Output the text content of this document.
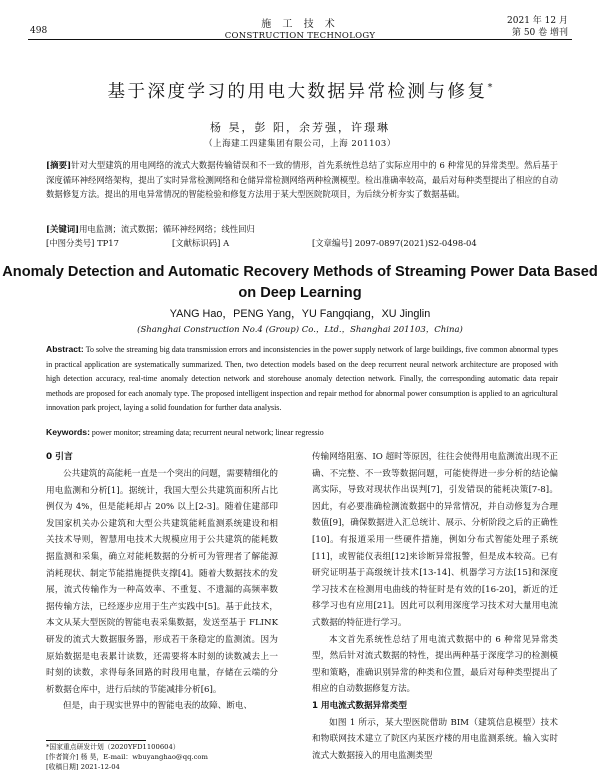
498
施 工 技 术
CONSTRUCTION TECHNOLOGY
2021 年 12 月
第 50 卷 增刊
基于深度学习的用电大数据异常检测与修复*
杨 昊，彭 阳，余芳强，许璟琳
（上海建工四建集团有限公司，上海 201103）
[摘要]针对大型建筑的用电网络的流式大数据传输错误和不一致的情形，首先系统性总结了实际应用中的 6 种常见的异常类型。然后基于深度循环神经网络架构，提出了实时异常检测网络和仓储异常检测网络两种检测模型。检出准确率较高，最后对每种类型提出了相应的自动数据修复方法。提出的用电异常情况的智能检验和修复方法用于某大型医院院项目，为后续分析夯实了数据基础。
[关键词]用电监测；流式数据；循环神经网络；线性回归
[中图分类号] TP17	[文献标识码] A	[文章编号] 2097-0897(2021)S2-0498-04
Anomaly Detection and Automatic Recovery Methods of Streaming Power Data Based on Deep Learning
YANG Hao，PENG Yang，YU Fangqiang，XU Jinglin
(Shanghai Construction No.4 (Group) Co.，Ltd.，Shanghai 201103，China)
Abstract: To solve the streaming big data transmission errors and inconsistencies in the power supply network of large buildings, five common abnormal types in practical application are systematically summarized. Then, two detection models based on the deep recurrent neural network architecture are proposed with high detection accuracy, real-time anomaly detection network and storehouse anomaly detection network. Finally, the corresponding automatic data repair methods are proposed for each anomaly type. The proposed intelligent inspection and repair method for abnormal power consumption is applied to an agricultural innovation park project, laying a solid foundation for further data analysis.
Keywords: power monitor; streaming data; recurrent neural network; linear regressio
0 引言

公共建筑的高能耗一直是一个突出的问题，需要精细化的用电监测和分析[1]。据统计，我国大型公共建筑面积所占比例仅为 4%，但是能耗却占 20% 以上[2-3]。随着住建部印发国家机关办公建筑和大型公共建筑能耗监测系统建设和相关技术导则，智慧用电技术大规模应用于公共建筑的能耗数据监测和采集，确立对能耗数据的分析可为管理者了解能源消耗现状、制定节能措施提供支撑[4]。随着大数据技术的发展，流式传输作为一种高效率、不重复、不遗漏的高频率数据传输方法，已经逐步应用于生产实践中[5]。基于此技术，本文从某大型医院的智能电表采集数据，发送至基于 FLINK 研发的流式大数据服务器，形成若干条稳定的监测流。因为原始数据是电表累计读数，还需要将本时刻的读数减去上一时刻的读数，求得每条回路的时段用电量，存储在云端的分析数据仓库中，进行后续的节能减排分析[6]。

但是，由于现实世界中的智能电表的故障、断电、

传输网络阻塞、IO 超时等原因，往往会使得用电监测流出现不正确、不完整、不一致等数据问题，可能使得进一步分析的结论偏离实际，导致对现状作出误判[7]，引发错误的能耗决策[7-8]。因此，有必要准确检测流数据中的异常情况，并自动修复为合理数值[9]，确保数据进入汇总统计、展示、分析阶段之后的正确性[10]。有报道采用一些硬件措施，例如分布式智能处理子系统[11]，或智能仪表组[12]来诊断异常报警，但是成本较高。已有研究证明基于高级统计技术[13-14]、机器学习方法[15]和深度学习技术在检测用电曲线的特征时是有效的[16-20]，新近的迁移学习也有应用[21]。因此可以利用深度学习技术对大量用电流式数据的特征进行学习。

本文首先系统性总结了用电流式数据中的 6 种常见异常类型，然后针对流式数据的特性，提出两种基于深度学习的检测模型和策略，准确识别异常的种类和位置，最后对每种类型提出了相应的自动数据修复方法。

1 用电流式数据异常类型

如图 1 所示，某大型医院借助 BIM（建筑信息模型）技术和物联网技术建立了院区内某医疗楼的用电监测系统。输入实时流式大数据接入的用电监测类型

*国家重点研发计划（2020YFD1100604）
[作者简介] 杨 昊，E-mail：wbuyanghao@qq.com
[收稿日期] 2021-12-04
